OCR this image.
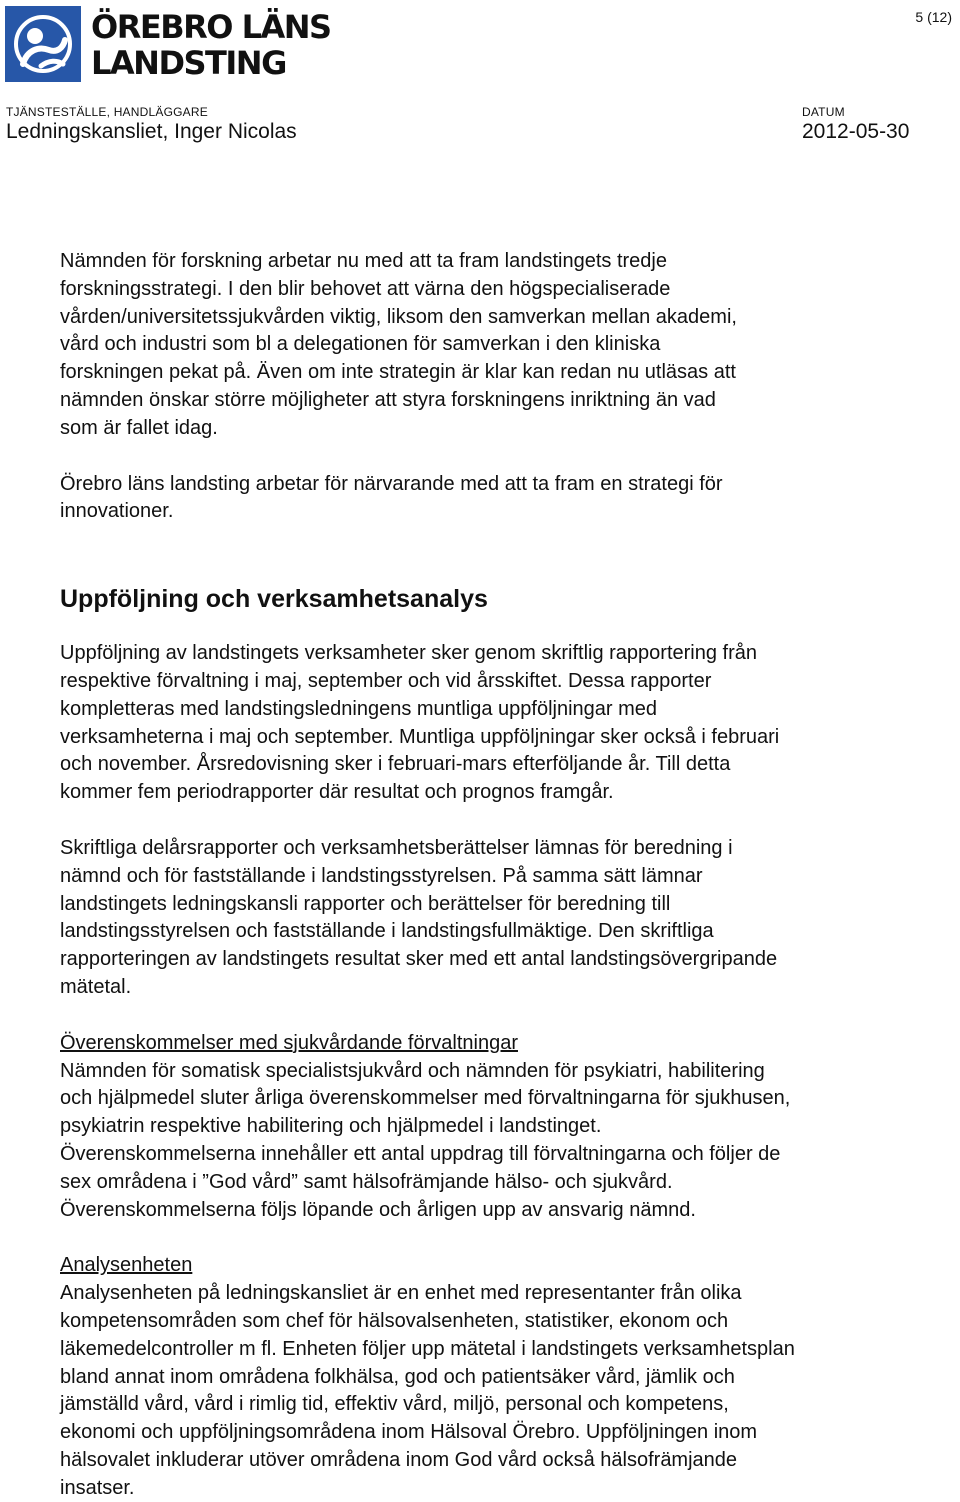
ÖREBRO LÄNS
LANDSTING
5 (12)
TJÄNSTESTÄLLE, HANDLÄGGARE
Ledningskansliet, Inger Nicolas
DATUM
2012-05-30

Nämnden för forskning arbetar nu med att ta fram landstingets tredje
forskningsstrategi. I den blir behovet att värna den högspecialiserade
vården/universitetssjukvården viktig, liksom den samverkan mellan akademi,
vård och industri som bl a delegationen för samverkan i den kliniska
forskningen pekat på. Även om inte strategin är klar kan redan nu utläsas att
nämnden önskar större möjligheter att styra forskningens inriktning än vad
som är fallet idag.

Örebro läns landsting arbetar för närvarande med att ta fram en strategi för
innovationer.

Uppföljning och verksamhetsanalys

Uppföljning av landstingets verksamheter sker genom skriftlig rapportering från
respektive förvaltning i maj, september och vid årsskiftet. Dessa rapporter
kompletteras med landstingsledningens muntliga uppföljningar med
verksamheterna i maj och september. Muntliga uppföljningar sker också i februari
och november. Årsredovisning sker i februari-mars efterföljande år. Till detta
kommer fem periodrapporter där resultat och prognos framgår.

Skriftliga delårsrapporter och verksamhetsberättelser lämnas för beredning i
nämnd och för fastställande i landstingsstyrelsen. På samma sätt lämnar
landstingets ledningskansli rapporter och berättelser för beredning till
landstingsstyrelsen och fastställande i landstingsfullmäktige. Den skriftliga
rapporteringen av landstingets resultat sker med ett antal landstingsövergripande
mätetal.

Överenskommelser med sjukvårdande förvaltningar
Nämnden för somatisk specialistsjukvård och nämnden för psykiatri, habilitering
och hjälpmedel sluter årliga överenskommelser med förvaltningarna för sjukhusen,
psykiatrin respektive habilitering och hjälpmedel i landstinget.
Överenskommelserna innehåller ett antal uppdrag till förvaltningarna och följer de
sex områdena i ”God vård” samt hälsofrämjande hälso- och sjukvård.
Överenskommelserna följs löpande och årligen upp av ansvarig nämnd.

Analysenheten
Analysenheten på ledningskansliet är en enhet med representanter från olika
kompetensområden som chef för hälsovalsenheten, statistiker, ekonom och
läkemedelcontroller m fl. Enheten följer upp mätetal i landstingets verksamhetsplan
bland annat inom områdena folkhälsa, god och patientsäker vård, jämlik och
jämställd vård, vård i rimlig tid, effektiv vård, miljö, personal och kompetens,
ekonomi och uppföljningsområdena inom Hälsoval Örebro. Uppföljningen inom
hälsovalet inkluderar utöver områdena inom God vård också hälsofrämjande
insatser.
